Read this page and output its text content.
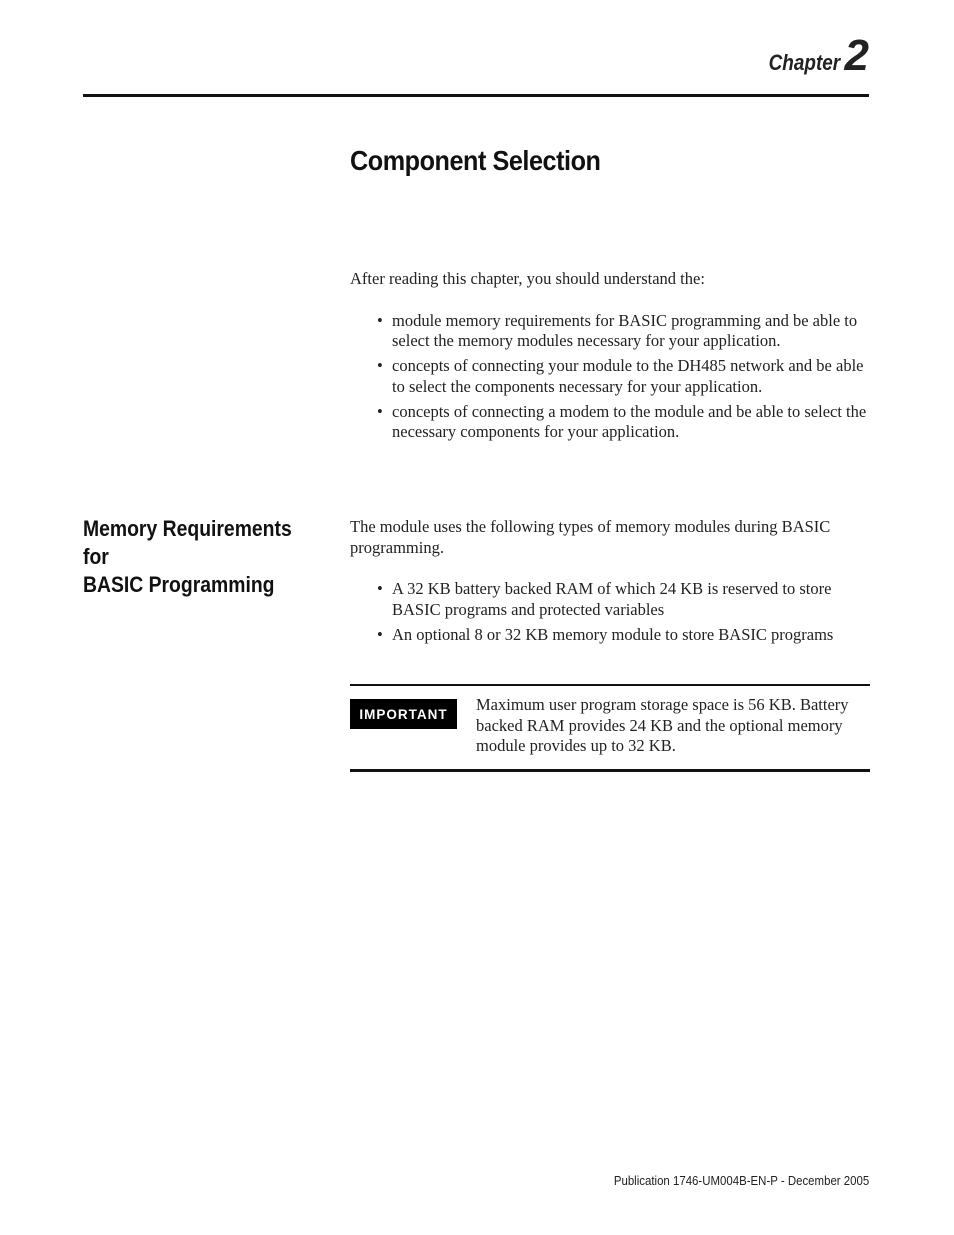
Chapter 2
Component Selection

After reading this chapter, you should understand the:

• module memory requirements for BASIC programming and be able to select the memory modules necessary for your application.
• concepts of connecting your module to the DH485 network and be able to select the components necessary for your application.
• concepts of connecting a modem to the module and be able to select the necessary components for your application.
Memory Requirements for
BASIC Programming

The module uses the following types of memory modules during BASIC programming.

• A 32 KB battery backed RAM of which 24 KB is reserved to store BASIC programs and protected variables
• An optional 8 or 32 KB memory module to store BASIC programs
IMPORTANT	Maximum user program storage space is 56 KB. Battery backed RAM provides 24 KB and the optional memory module provides up to 32 KB.
Publication 1746-UM004B-EN-P - December 2005
